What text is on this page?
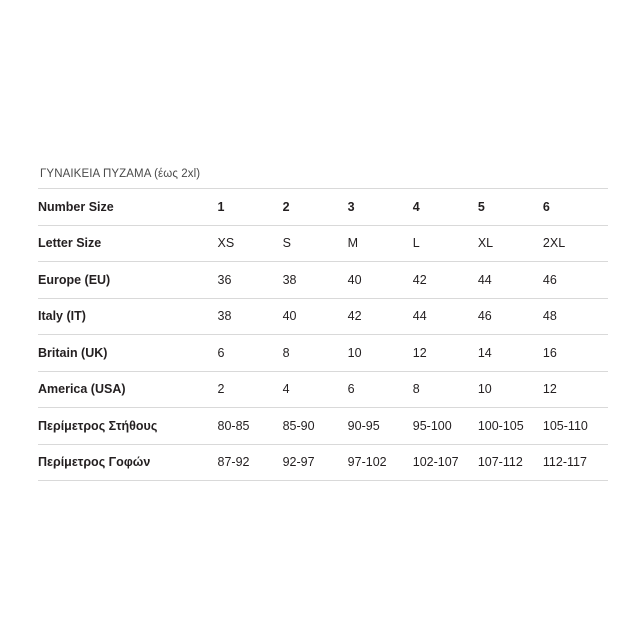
ΓΥΝΑΙΚΕΙΑ ΠΥΖΑΜΑ (έως 2xl)
Number Size	1	2	3	4	5	6
Letter Size	XS	S	M	L	XL	2XL
Europe (EU)	36	38	40	42	44	46
Italy (IT)	38	40	42	44	46	48
Britain (UK)	6	8	10	12	14	16
America (USA)	2	4	6	8	10	12
Περίμετρος Στήθους	80-85	85-90	90-95	95-100	100-105	105-110
Περίμετρος Γοφών	87-92	92-97	97-102	102-107	107-112	112-117
